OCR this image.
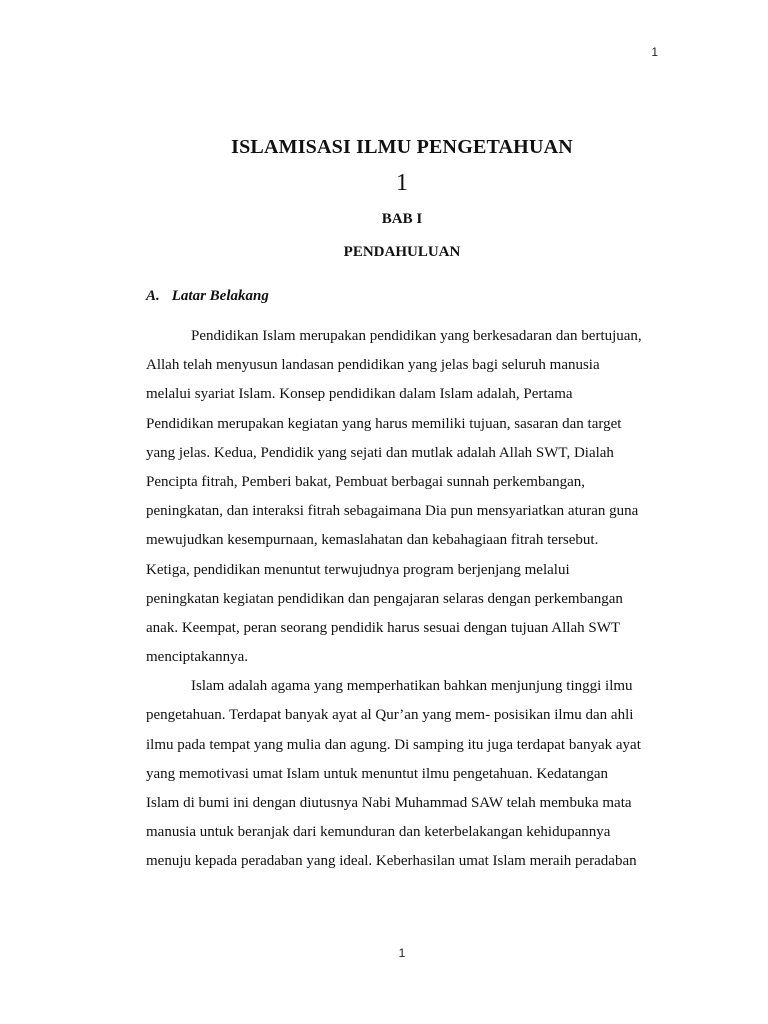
1
ISLAMISASI ILMU PENGETAHUAN
1
BAB I
PENDAHULUAN
A. Latar Belakang
Pendidikan Islam merupakan pendidikan yang berkesadaran dan bertujuan,
Allah telah menyusun landasan pendidikan yang jelas bagi seluruh manusia
melalui syariat Islam. Konsep pendidikan dalam Islam adalah, Pertama
Pendidikan merupakan kegiatan yang harus memiliki tujuan, sasaran dan target
yang jelas. Kedua, Pendidik yang sejati dan mutlak adalah Allah SWT, Dialah
Pencipta fitrah, Pemberi bakat, Pembuat berbagai sunnah perkembangan,
peningkatan, dan interaksi fitrah sebagaimana Dia pun mensyariatkan aturan guna
mewujudkan kesempurnaan, kemaslahatan dan kebahagiaan fitrah tersebut.
Ketiga, pendidikan menuntut terwujudnya program berjenjang melalui
peningkatan kegiatan pendidikan dan pengajaran selaras dengan perkembangan
anak. Keempat, peran seorang pendidik harus sesuai dengan tujuan Allah SWT
menciptakannya.
Islam adalah agama yang memperhatikan bahkan menjunjung tinggi ilmu
pengetahuan. Terdapat banyak ayat al Qur’an yang mem- posisikan ilmu dan ahli
ilmu pada tempat yang mulia dan agung. Di samping itu juga terdapat banyak ayat
yang memotivasi umat Islam untuk menuntut ilmu pengetahuan. Kedatangan
Islam di bumi ini dengan diutusnya Nabi Muhammad SAW telah membuka mata
manusia untuk beranjak dari kemunduran dan keterbelakangan kehidupannya
menuju kepada peradaban yang ideal. Keberhasilan umat Islam meraih peradaban
1
